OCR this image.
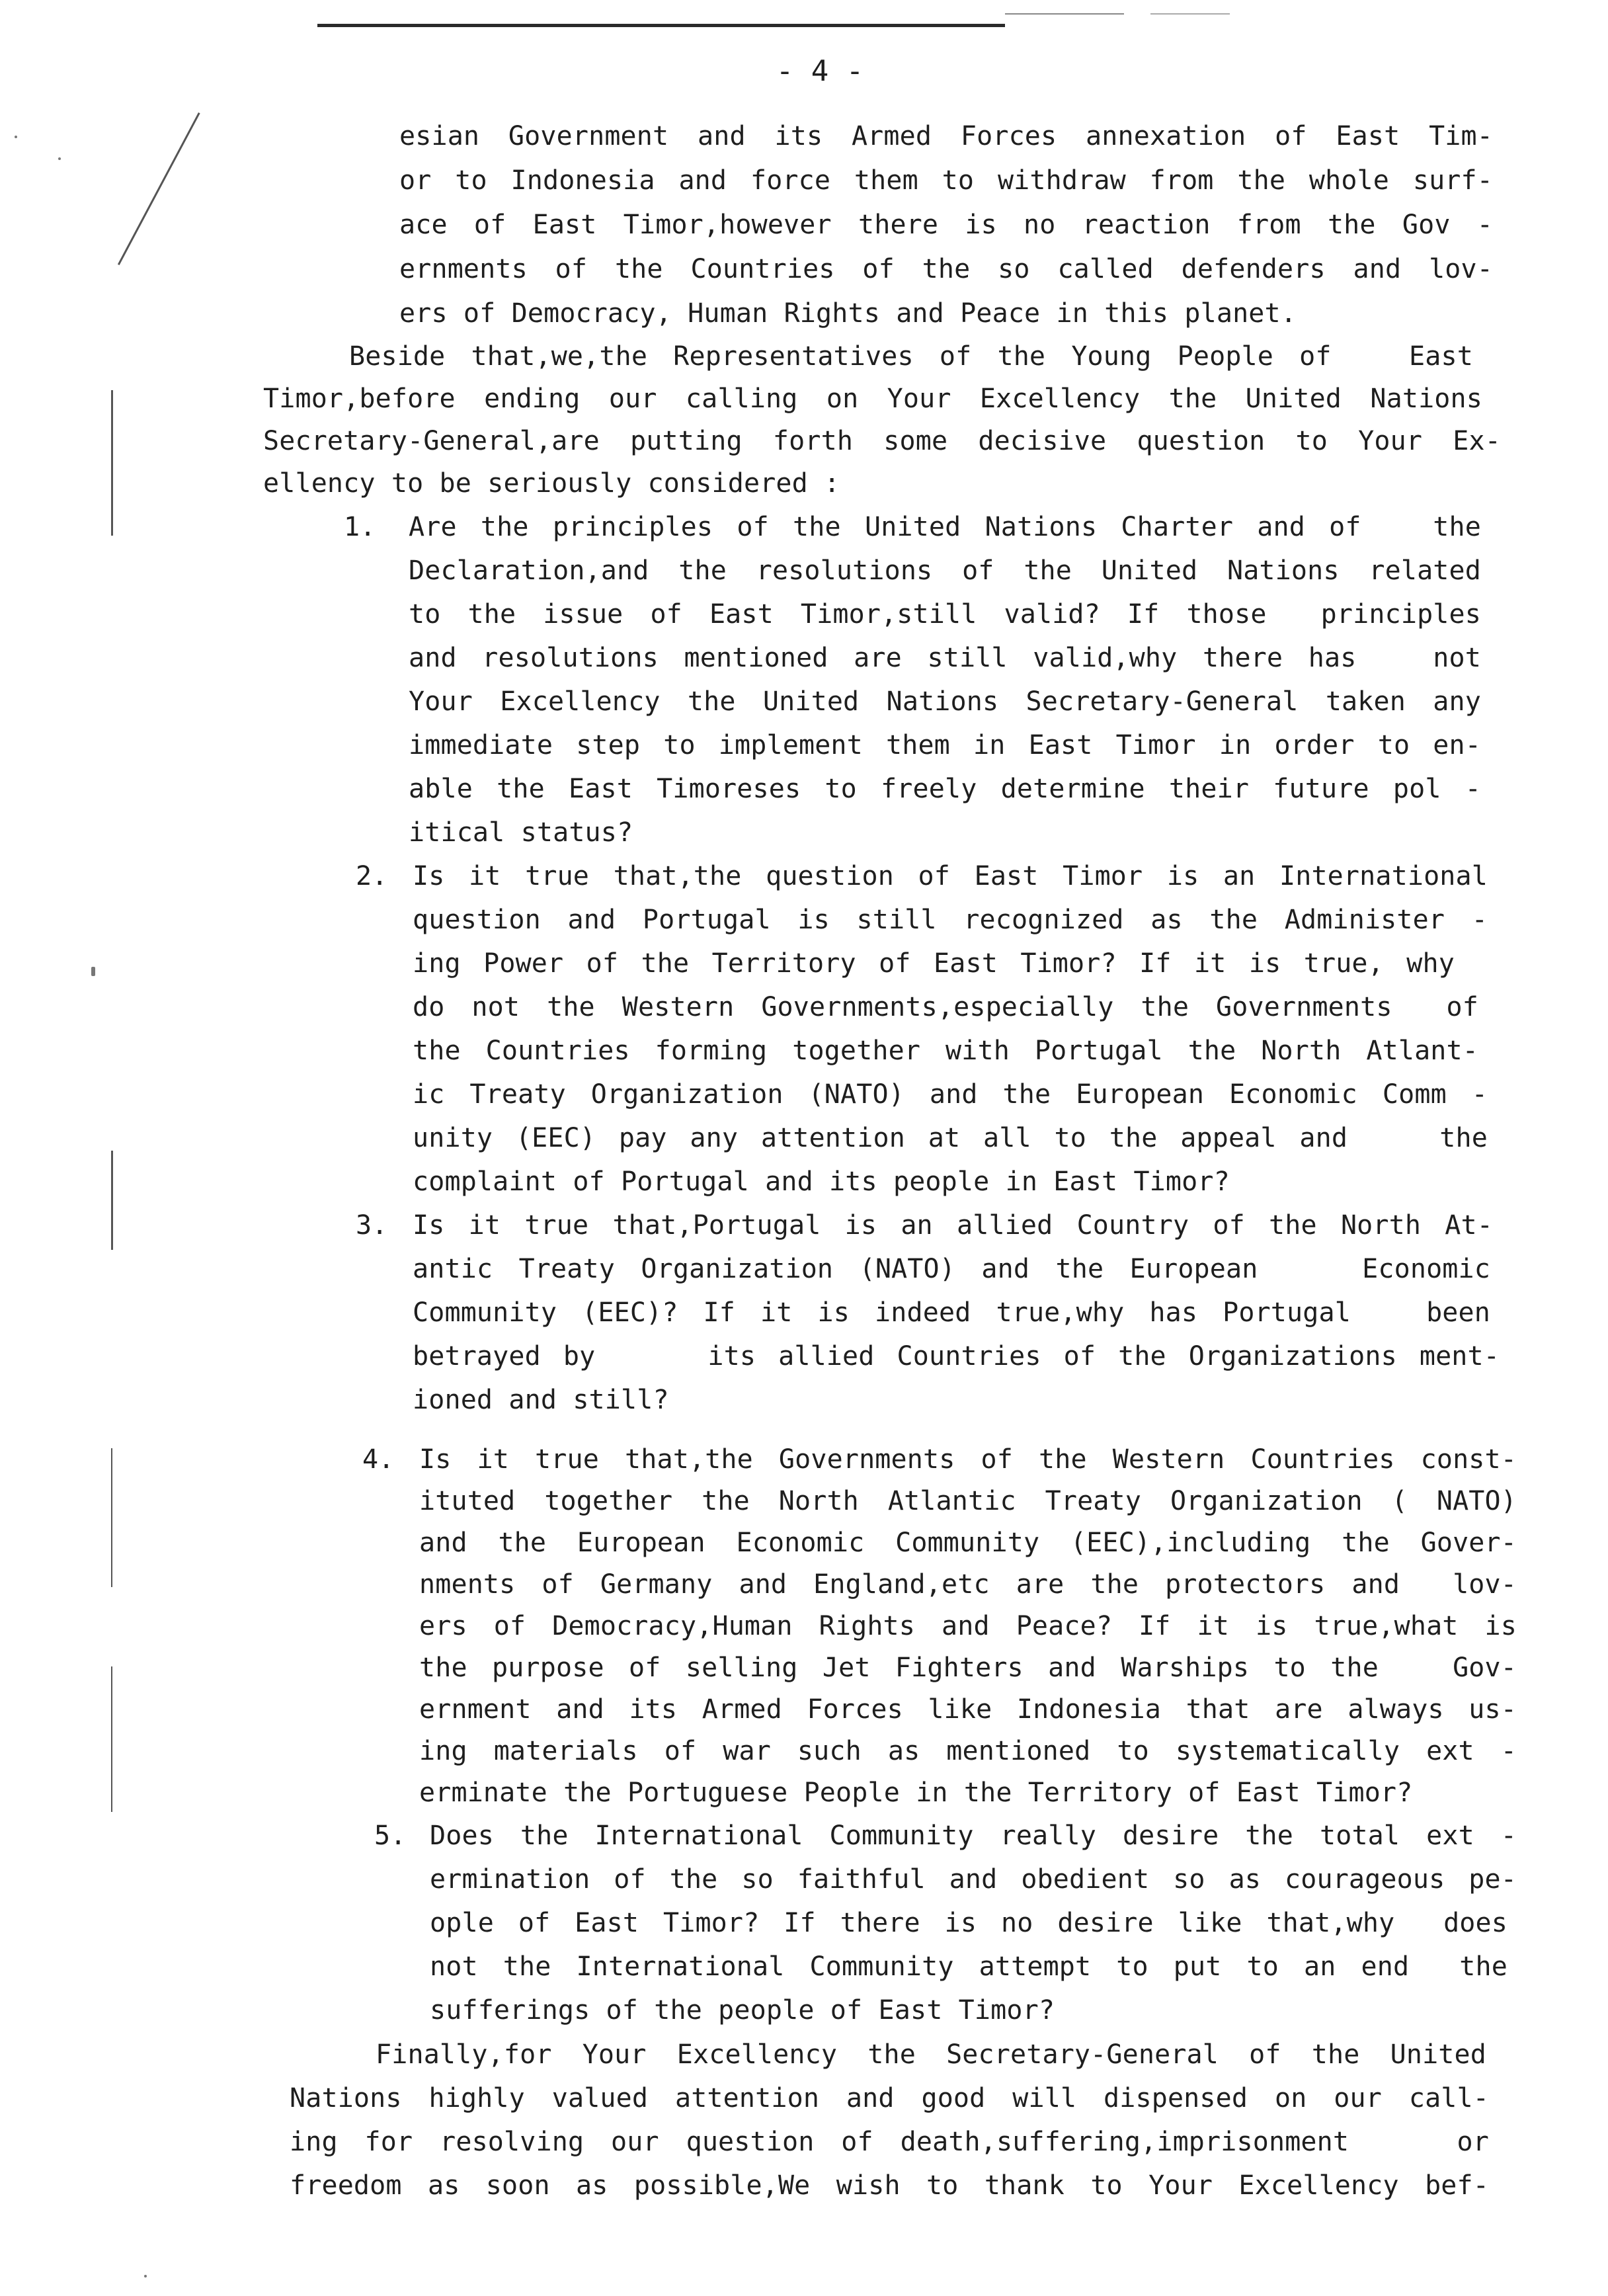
- 4 -

esian Government and its Armed Forces annexation of East Tim-

or to Indonesia and force them to withdraw from the whole surf-

ace of East Timor,however there is no reaction from the Gov -

ernments of the Countries of the so called defenders and lov-

ers of Democracy, Human Rights and Peace in this planet.

Beside that,we,the Representatives of the Young People of   East

Timor,before ending our calling on Your Excellency the United Nations

Secretary-General,are putting forth some decisive question to Your Ex-

ellency to be seriously considered :

1. Are the principles of the United Nations Charter and of   the

Declaration,and the resolutions of the United Nations related

to the issue of East Timor,still valid? If those  principles

and resolutions mentioned are still valid,why there has   not

Your Excellency the United Nations Secretary-General taken any

immediate step to implement them in East Timor in order to en-

able the East Timoreses to freely determine their future pol -

itical status?

2. Is it true that,the question of East Timor is an International

question and Portugal is still recognized as the Administer -

ing Power of the Territory of East Timor? If it is true, why

do not the Western Governments,especially the Governments  of

the Countries forming together with Portugal the North Atlant-

ic Treaty Organization (NATO) and the European Economic Comm -

unity (EEC) pay any attention at all to the appeal and    the

complaint of Portugal and its people in East Timor?

3. Is it true that,Portugal is an allied Country of the North At-

antic Treaty Organization (NATO) and the European    Economic

Community (EEC)? If it is indeed true,why has Portugal   been

betrayed by     its allied Countries of the Organizations ment-

ioned and still?

4. Is it true that,the Governments of the Western Countries const-

ituted together the North Atlantic Treaty Organization ( NATO)

and the European Economic Community (EEC),including the Gover-

nments of Germany and England,etc are the protectors and  lov-

ers of Democracy,Human Rights and Peace? If it is true,what is

the purpose of selling Jet Fighters and Warships to the   Gov-

ernment and its Armed Forces like Indonesia that are always us-

ing materials of war such as mentioned to systematically ext -

erminate the Portuguese People in the Territory of East Timor?

5. Does the International Community really desire the total ext -

ermination of the so faithful and obedient so as courageous pe-

ople of East Timor? If there is no desire like that,why  does

not the International Community attempt to put to an end  the

sufferings of the people of East Timor?

Finally,for Your Excellency the Secretary-General of the United

Nations highly valued attention and good will dispensed on our call-

ing for resolving our question of death,suffering,imprisonment    or

freedom as soon as possible,We wish to thank to Your Excellency bef-
